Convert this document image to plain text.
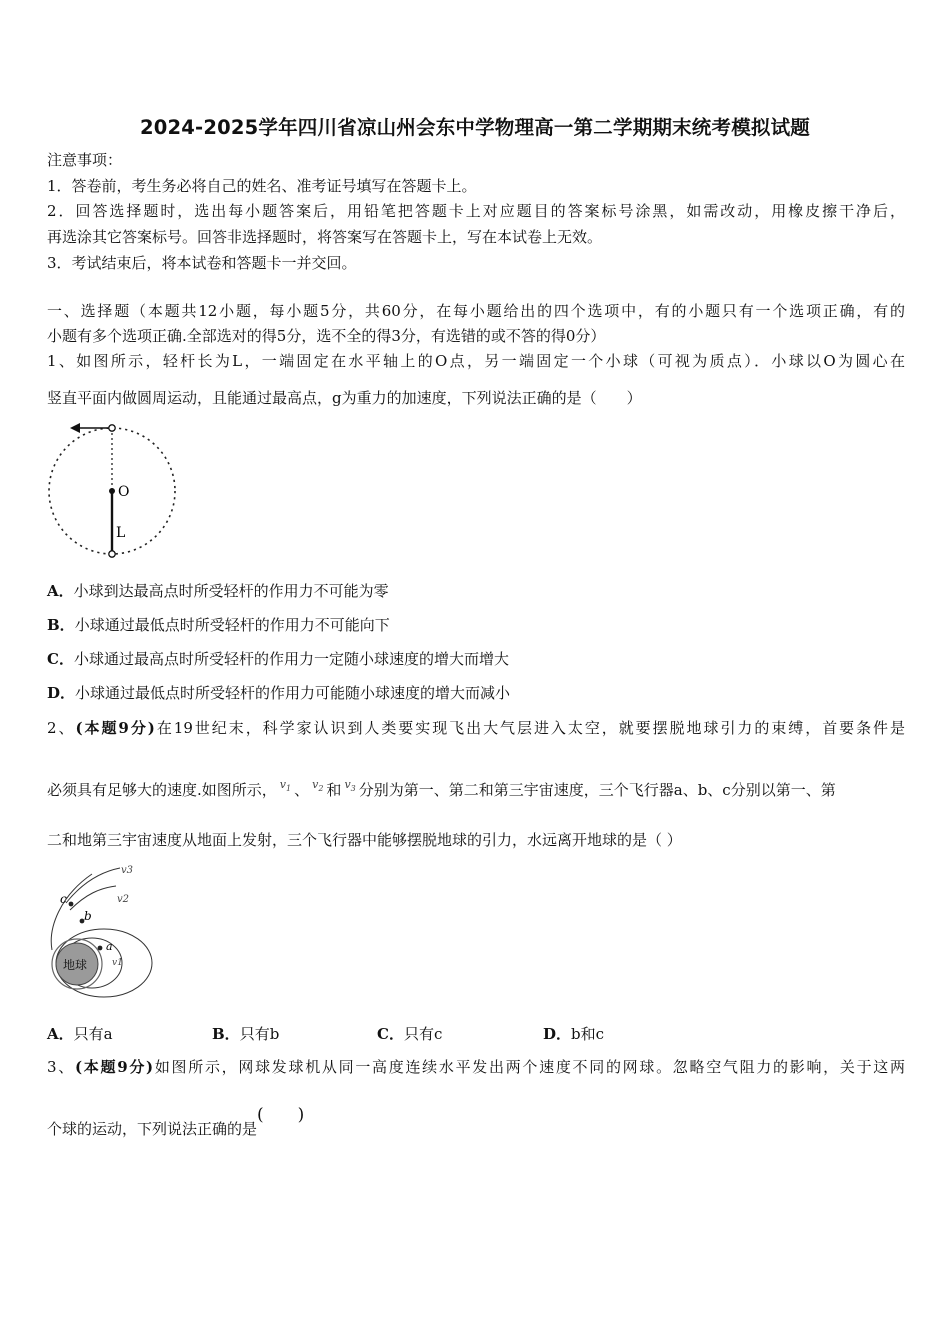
2024-2025学年四川省凉山州会东中学物理高一第二学期期末统考模拟试题
注意事项：
1．答卷前，考生务必将自己的姓名、准考证号填写在答题卡上。
2．回答选择题时，选出每小题答案后，用铅笔把答题卡上对应题目的答案标号涂黑，如需改动，用橡皮擦干净后，
再选涂其它答案标号。回答非选择题时，将答案写在答题卡上，写在本试卷上无效。
3．考试结束后，将本试卷和答题卡一并交回。
一、选择题（本题共12小题，每小题5分，共60分，在每小题给出的四个选项中，有的小题只有一个选项正确，有的
小题有多个选项正确.全部选对的得5分，选不全的得3分，有选错的或不答的得0分）
1、如图所示，轻杆长为L，一端固定在水平轴上的O点，另一端固定一个小球（可视为质点）．小球以O为圆心在
竖直平面内做圆周运动，且能通过最高点，g为重力的加速度，下列说法正确的是（　　）
O
L
A．小球到达最高点时所受轻杆的作用力不可能为零
B．小球通过最低点时所受轻杆的作用力不可能向下
C．小球通过最高点时所受轻杆的作用力一定随小球速度的增大而增大
D．小球通过最低点时所受轻杆的作用力可能随小球速度的增大而减小
2、(本题9分)在19世纪末，科学家认识到人类要实现飞出大气层进入太空，就要摆脱地球引力的束缚，首要条件是
必须具有足够大的速度.如图所示， $^{v_1}$ 、 $^{v_2}$ 和 $^{v_3}$ 分别为第一、第二和第三宇宙速度，三个飞行器a、b、c分别以第一、第
二和地第三宇宙速度从地面上发射，三个飞行器中能够摆脱地球的引力，水远离开地球的是（ ）
地球
c
b
a
v1
v2
v3
A．只有a	B．只有b	C．只有c	D．b和c
3、(本题9分)如图所示，网球发球机从同一高度连续水平发出两个速度不同的网球。忽略空气阻力的影响，关于这两
个球的运动，下列说法正确的是(　　)
